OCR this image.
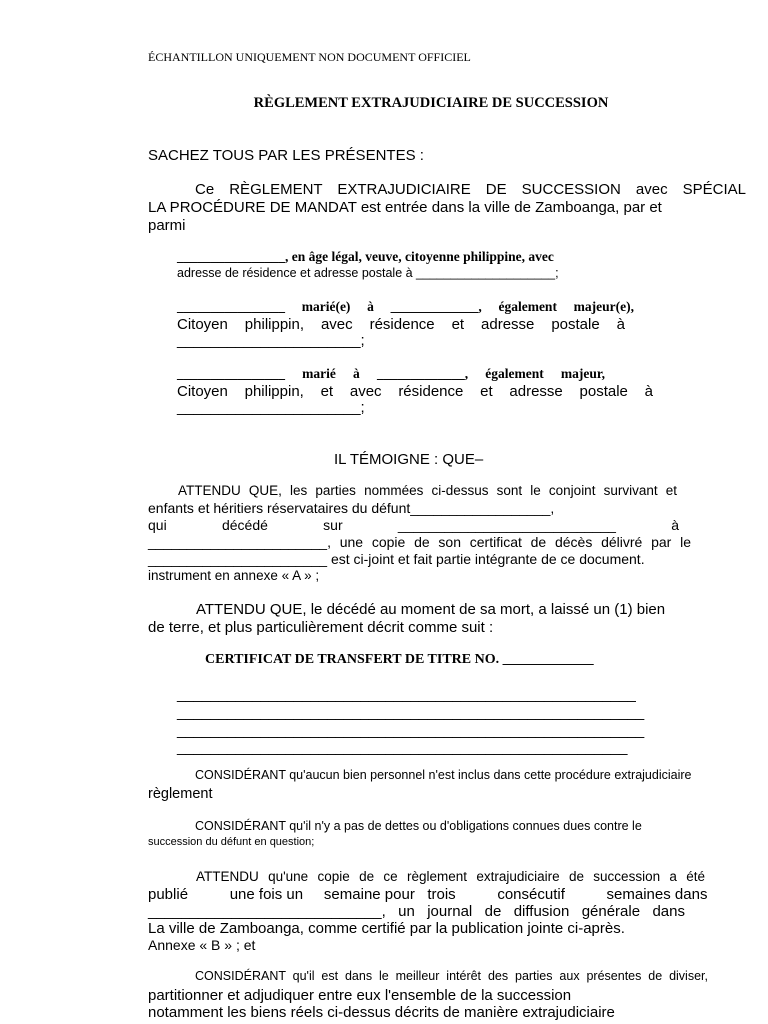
ÉCHANTILLON UNIQUEMENT NON DOCUMENT OFFICIEL
RÈGLEMENT EXTRAJUDICIAIRE DE SUCCESSION
SACHEZ TOUS PAR LES PRÉSENTES :
Ce RÈGLEMENT EXTRAJUDICIAIRE DE SUCCESSION avec SPÉCIAL
LA PROCÉDURE DE MANDAT est entrée dans la ville de Zamboanga, par et
parmi
________________, en âge légal, veuve, citoyenne philippine, avec
adresse de résidence et adresse postale à ____________________;
________________  marié(e)  à  _____________,  également  majeur(e),
Citoyen  philippin,  avec  résidence  et  adresse  postale  à
______________________;
________________  marié  à  _____________,  également  majeur,
Citoyen  philippin,  et  avec  résidence  et  adresse  postale  à
______________________;
IL TÉMOIGNE : QUE–
ATTENDU QUE, les parties nommées ci-dessus sont le conjoint survivant et
enfants et héritiers réservataires du défunt__________________,
qui          décédé          sur          ____________________________          à
_______________________, une copie de son certificat de décès délivré par le
_______________________ est ci-joint et fait partie intégrante de ce document.
instrument en annexe « A » ;
ATTENDU QUE, le décédé au moment de sa mort, a laissé un (1) bien
de terre, et plus particulièrement décrit comme suit :
CERTIFICAT DE TRANSFERT DE TITRE NO. _____________
_______________________________________________________
________________________________________________________
________________________________________________________
______________________________________________________
CONSIDÉRANT qu'aucun bien personnel n'est inclus dans cette procédure extrajudiciaire
règlement
CONSIDÉRANT qu'il n'y a pas de dettes ou d'obligations connues dues contre le
succession du défunt en question;
ATTENDU qu'une copie de ce règlement extrajudiciaire de succession a été
publié          une fois un     semaine pour   trois          consécutif          semaines dans
____________________________, un journal de diffusion générale dans
La ville de Zamboanga, comme certifié par la publication jointe ci-après.
Annexe « B » ; et
CONSIDÉRANT qu'il est dans le meilleur intérêt des parties aux présentes de diviser,
partitionner et adjudiquer entre eux l'ensemble de la succession
notamment les biens réels ci-dessus décrits de manière extrajudiciaire
